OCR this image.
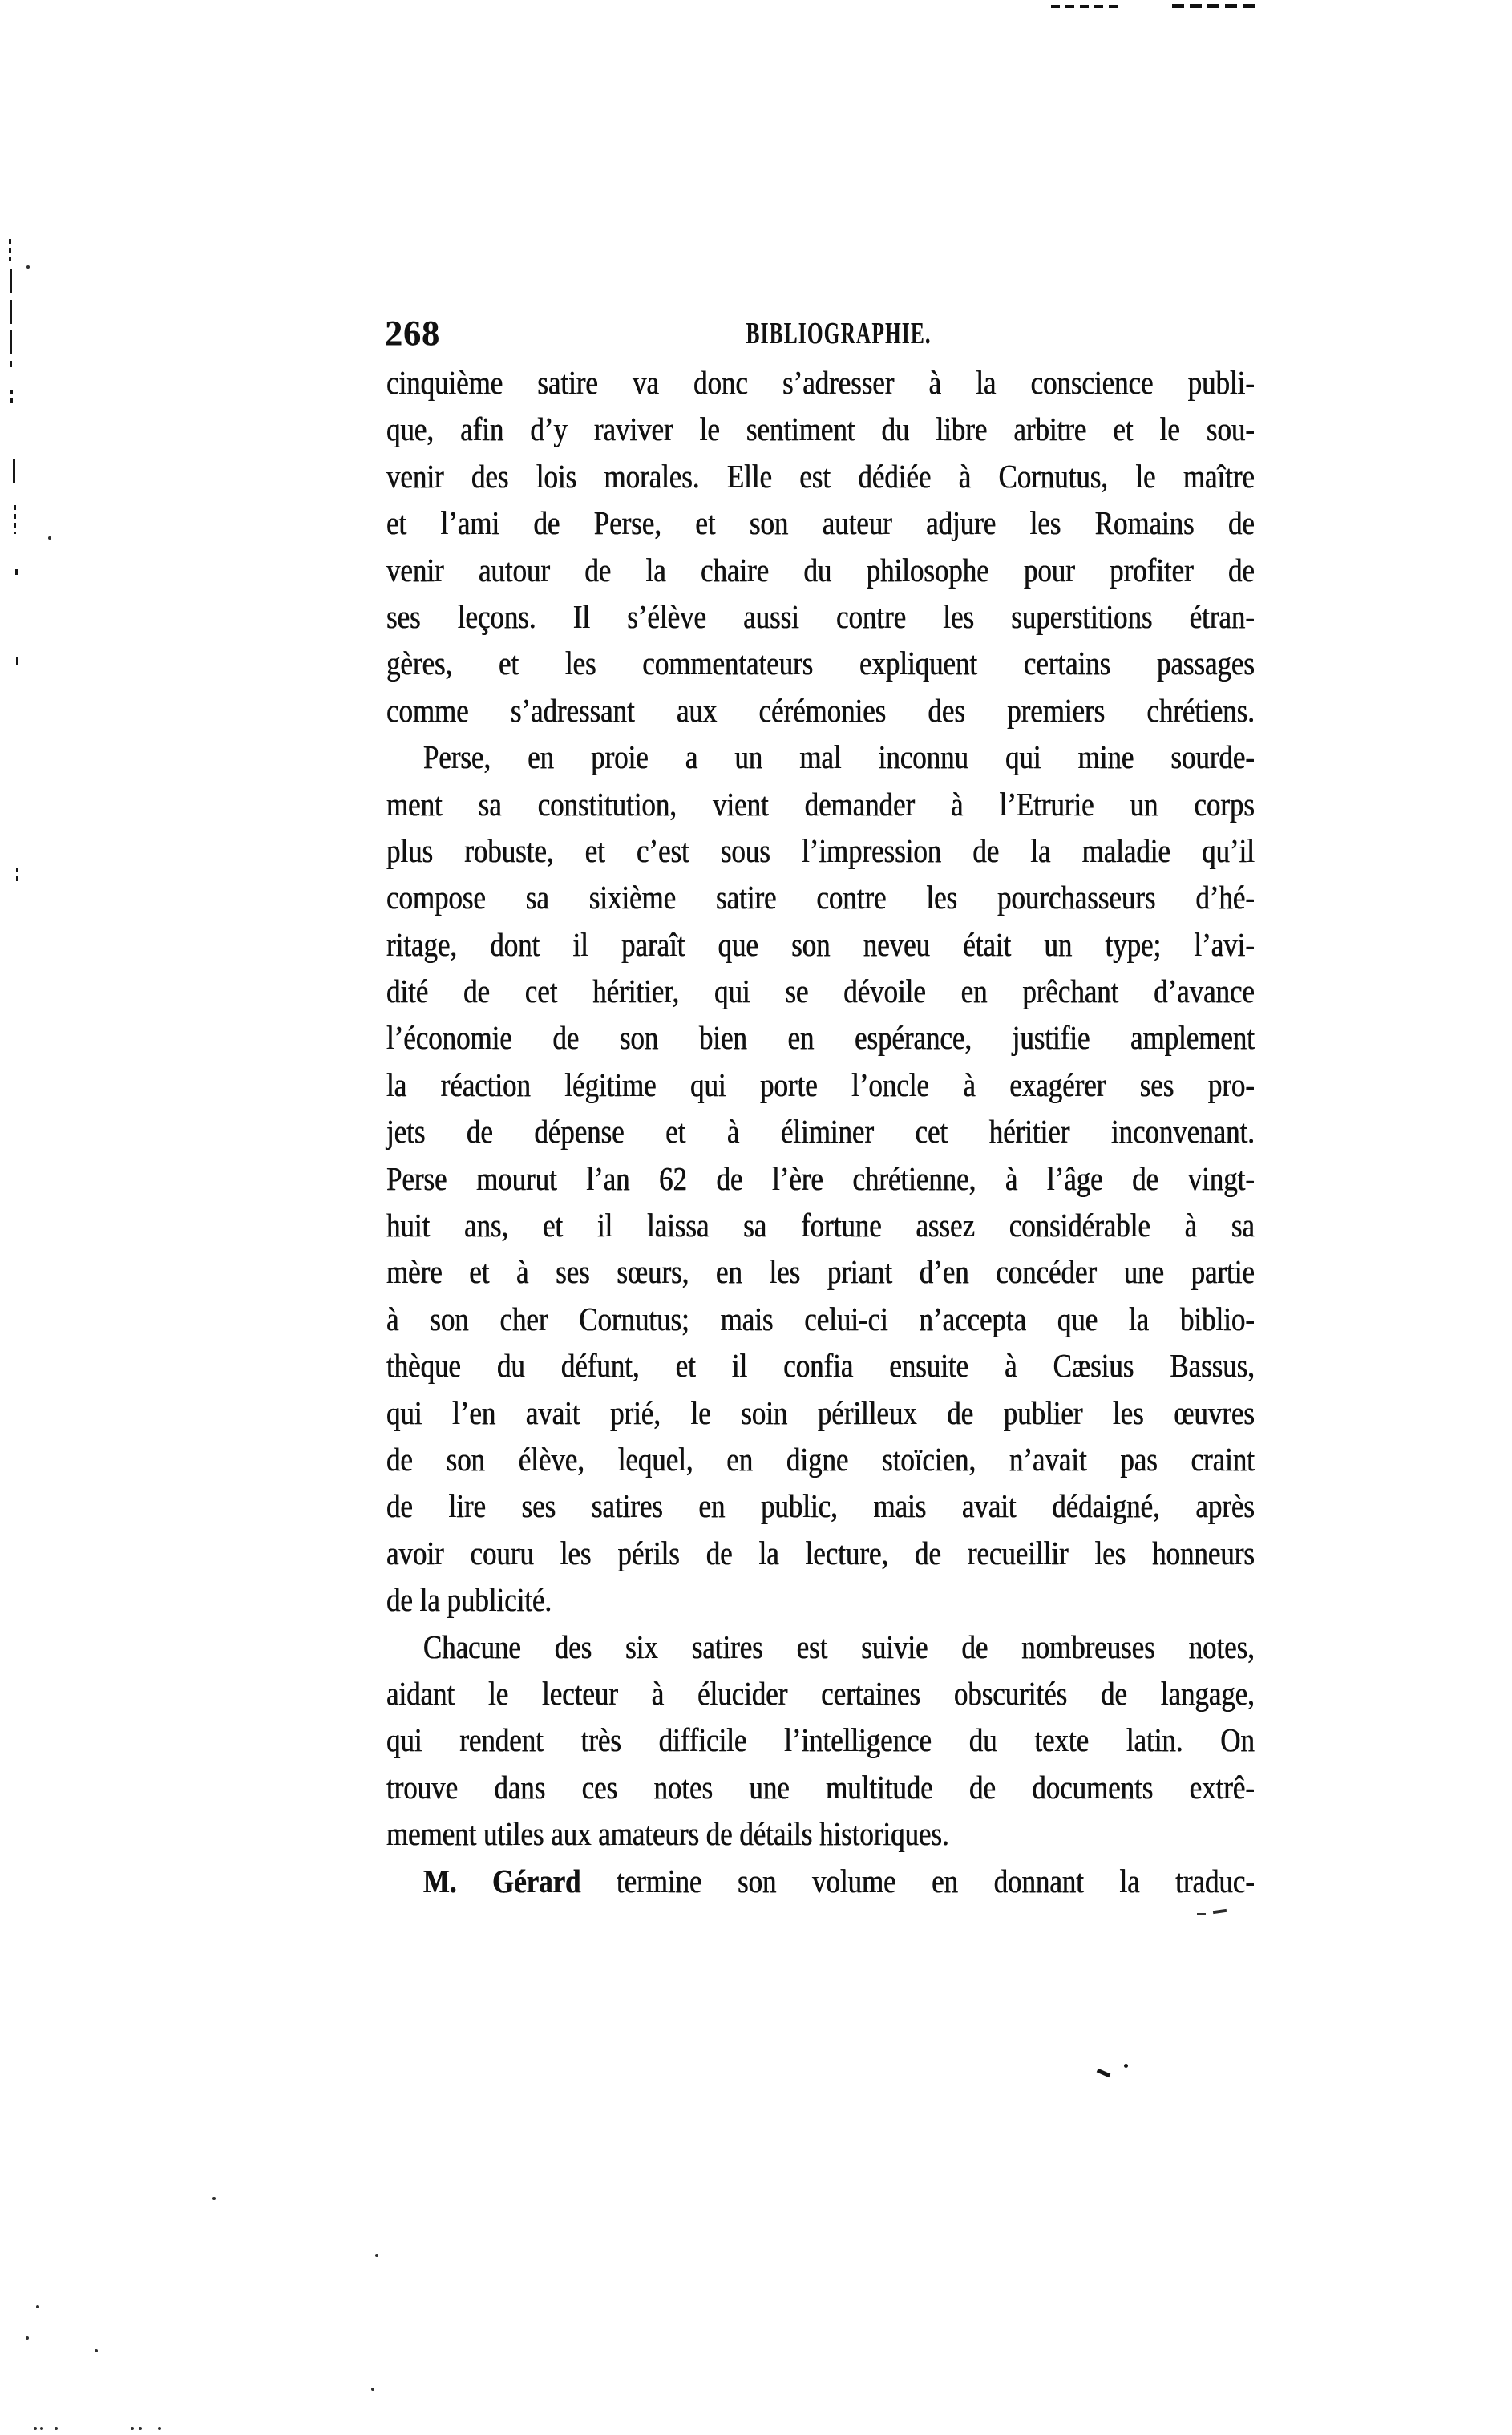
268	BIBLIOGRAPHIE.
cinquième satire va donc s’adresser à la conscience publi-
que, afin d’y raviver le sentiment du libre arbitre et le sou-
venir des lois morales. Elle est dédiée à Cornutus, le maître
et l’ami de Perse, et son auteur adjure les Romains de
venir autour de la chaire du philosophe pour profiter de
ses leçons. Il s’élève aussi contre les superstitions étran-
gères, et les commentateurs expliquent certains passages
comme s’adressant aux cérémonies des premiers chrétiens.
Perse, en proie a un mal inconnu qui mine sourde-
ment sa constitution, vient demander à l’Etrurie un corps
plus robuste, et c’est sous l’impression de la maladie qu’il
compose sa sixième satire contre les pourchasseurs d’hé-
ritage, dont il paraît que son neveu était un type; l’avi-
dité de cet héritier, qui se dévoile en prêchant d’avance
l’économie de son bien en espérance, justifie amplement
la réaction légitime qui porte l’oncle à exagérer ses pro-
jets de dépense et à éliminer cet héritier inconvenant.
Perse mourut l’an 62 de l’ère chrétienne, à l’âge de vingt-
huit ans, et il laissa sa fortune assez considérable à sa
mère et à ses sœurs, en les priant d’en concéder une partie
à son cher Cornutus; mais celui-ci n’accepta que la biblio-
thèque du défunt, et il confia ensuite à Cæsius Bassus,
qui l’en avait prié, le soin périlleux de publier les œuvres
de son élève, lequel, en digne stoïcien, n’avait pas craint
de lire ses satires en public, mais avait dédaigné, après
avoir couru les périls de la lecture, de recueillir les honneurs
de la publicité.
Chacune des six satires est suivie de nombreuses notes,
aidant le lecteur à élucider certaines obscurités de langage,
qui rendent très difficile l’intelligence du texte latin. On
trouve dans ces notes une multitude de documents extrê-
mement utiles aux amateurs de détails historiques.
M. Gérard termine son volume en donnant la traduc-
